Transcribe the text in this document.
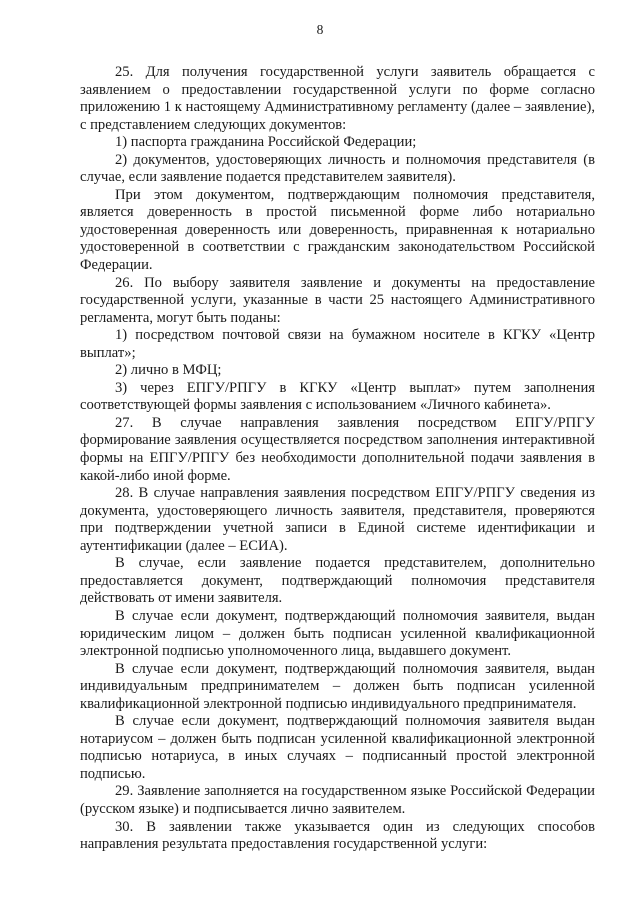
8

25. Для получения государственной услуги заявитель обращается с заявлением о предоставлении государственной услуги по форме согласно приложению 1 к настоящему Административному регламенту (далее – заявление), с представлением следующих документов:

1) паспорта гражданина Российской Федерации;

2) документов, удостоверяющих личность и полномочия представителя (в случае, если заявление подается представителем заявителя).

При этом документом, подтверждающим полномочия представителя, является доверенность в простой письменной форме либо нотариально удостоверенная доверенность или доверенность, приравненная к нотариально удостоверенной в соответствии с гражданским законодательством Российской Федерации.

26. По выбору заявителя заявление и документы на предоставление государственной услуги, указанные в части 25 настоящего Административного регламента, могут быть поданы:

1) посредством почтовой связи на бумажном носителе в КГКУ «Центр выплат»;

2) лично в МФЦ;

3) через ЕПГУ/РПГУ в КГКУ «Центр выплат» путем заполнения соответствующей формы заявления с использованием «Личного кабинета».

27. В случае направления заявления посредством ЕПГУ/РПГУ формирование заявления осуществляется посредством заполнения интерактивной формы на ЕПГУ/РПГУ без необходимости дополнительной подачи заявления в какой-либо иной форме.

28. В случае направления заявления посредством ЕПГУ/РПГУ сведения из документа, удостоверяющего личность заявителя, представителя, проверяются при подтверждении учетной записи в Единой системе идентификации и аутентификации (далее – ЕСИА).

В случае, если заявление подается представителем, дополнительно предоставляется документ, подтверждающий полномочия представителя действовать от имени заявителя.

В случае если документ, подтверждающий полномочия заявителя, выдан юридическим лицом – должен быть подписан усиленной квалификационной электронной подписью уполномоченного лица, выдавшего документ.

В случае если документ, подтверждающий полномочия заявителя, выдан индивидуальным предпринимателем – должен быть подписан усиленной квалификационной электронной подписью индивидуального предпринимателя.

В случае если документ, подтверждающий полномочия заявителя выдан нотариусом – должен быть подписан усиленной квалификационной электронной подписью нотариуса, в иных случаях – подписанный простой электронной подписью.

29. Заявление заполняется на государственном языке Российской Федерации (русском языке) и подписывается лично заявителем.

30. В заявлении также указывается один из следующих способов направления результата предоставления государственной услуги:
